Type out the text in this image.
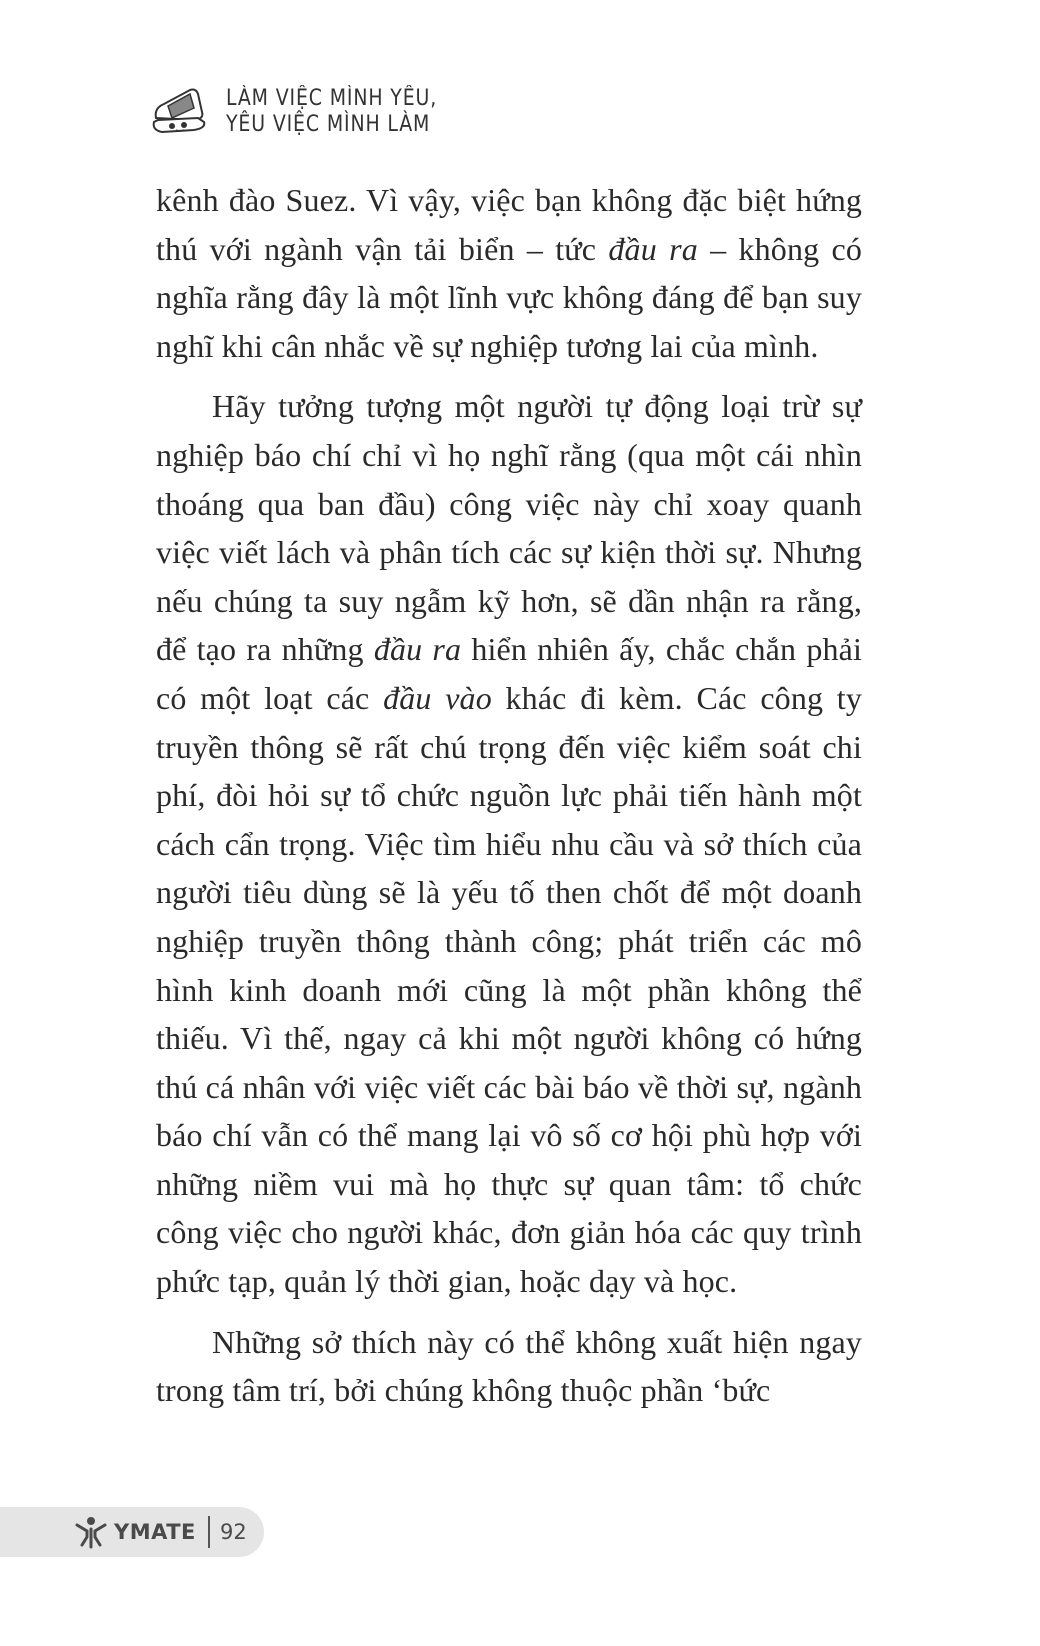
LÀM VIỆC MÌNH YÊU,
YÊU VIỆC MÌNH LÀM

kênh đào Suez. Vì vậy, việc bạn không đặc biệt hứng thú với ngành vận tải biển – tức đầu ra – không có nghĩa rằng đây là một lĩnh vực không đáng để bạn suy nghĩ khi cân nhắc về sự nghiệp tương lai của mình.

Hãy tưởng tượng một người tự động loại trừ sự nghiệp báo chí chỉ vì họ nghĩ rằng (qua một cái nhìn thoáng qua ban đầu) công việc này chỉ xoay quanh việc viết lách và phân tích các sự kiện thời sự. Nhưng nếu chúng ta suy ngẫm kỹ hơn, sẽ dần nhận ra rằng, để tạo ra những đầu ra hiển nhiên ấy, chắc chắn phải có một loạt các đầu vào khác đi kèm. Các công ty truyền thông sẽ rất chú trọng đến việc kiểm soát chi phí, đòi hỏi sự tổ chức nguồn lực phải tiến hành một cách cẩn trọng. Việc tìm hiểu nhu cầu và sở thích của người tiêu dùng sẽ là yếu tố then chốt để một doanh nghiệp truyền thông thành công; phát triển các mô hình kinh doanh mới cũng là một phần không thể thiếu. Vì thế, ngay cả khi một người không có hứng thú cá nhân với việc viết các bài báo về thời sự, ngành báo chí vẫn có thể mang lại vô số cơ hội phù hợp với những niềm vui mà họ thực sự quan tâm: tổ chức công việc cho người khác, đơn giản hóa các quy trình phức tạp, quản lý thời gian, hoặc dạy và học.

Những sở thích này có thể không xuất hiện ngay trong tâm trí, bởi chúng không thuộc phần ‘bức

YMATE 92
